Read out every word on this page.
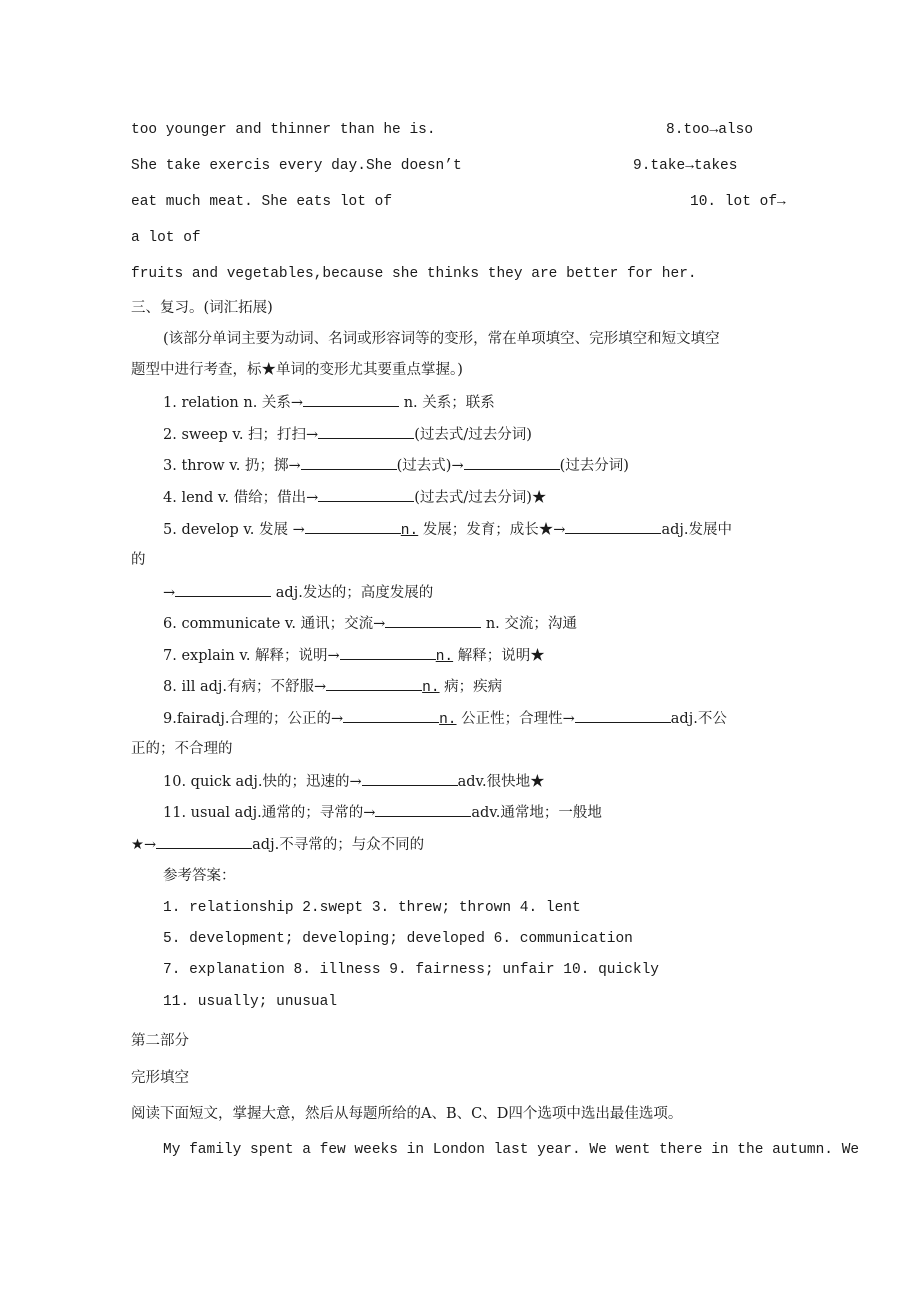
too younger and thinner than he is.	8.too→also
She take exercis every day.She doesn’t	9.take→takes
eat much meat. She eats lot of	10. lot of→
a lot of
fruits and vegetables,because she thinks they are better for her.
三、复习。(词汇拓展)
(该部分单词主要为动词、名词或形容词等的变形，常在单项填空、完形填空和短文填空
题型中进行考查，标★单词的变形尤其要重点掌握。)
1. relation n. 关系→	n. 关系；联系
2. sweep v. 扫；打扫→	(过去式/过去分词)
3. throw v. 扔；掷→	(过去式)→	(过去分词)
4. lend v. 借给；借出→	(过去式/过去分词)★
5. develop v. 发展 →	n. 发展；发育；成长★→	adj.发展中
的
→	adj.发达的；高度发展的
6. communicate v. 通讯；交流→	n. 交流；沟通
7. explain v. 解释；说明→	n. 解释；说明★
8. ill adj.有病；不舒服→	n. 病；疾病
9.fairadj.合理的；公正的→	n. 公正性；合理性→	adj.不公
正的；不合理的
10. quick adj.快的；迅速的→	adv.很快地★
11. usual adj.通常的；寻常的→	adv.通常地；一般地
★→	adj.不寻常的；与众不同的
参考答案：
1. relationship 2.swept 3. threw; thrown 4. lent
5. development; developing; developed 6. communication
7. explanation 8. illness 9. fairness; unfair 10. quickly
11. usually; unusual
第二部分
完形填空
阅读下面短文，掌握大意，然后从每题所给的A、B、C、D四个选项中选出最佳选项。
My family spent a few weeks in London last year. We went there in the autumn. We
